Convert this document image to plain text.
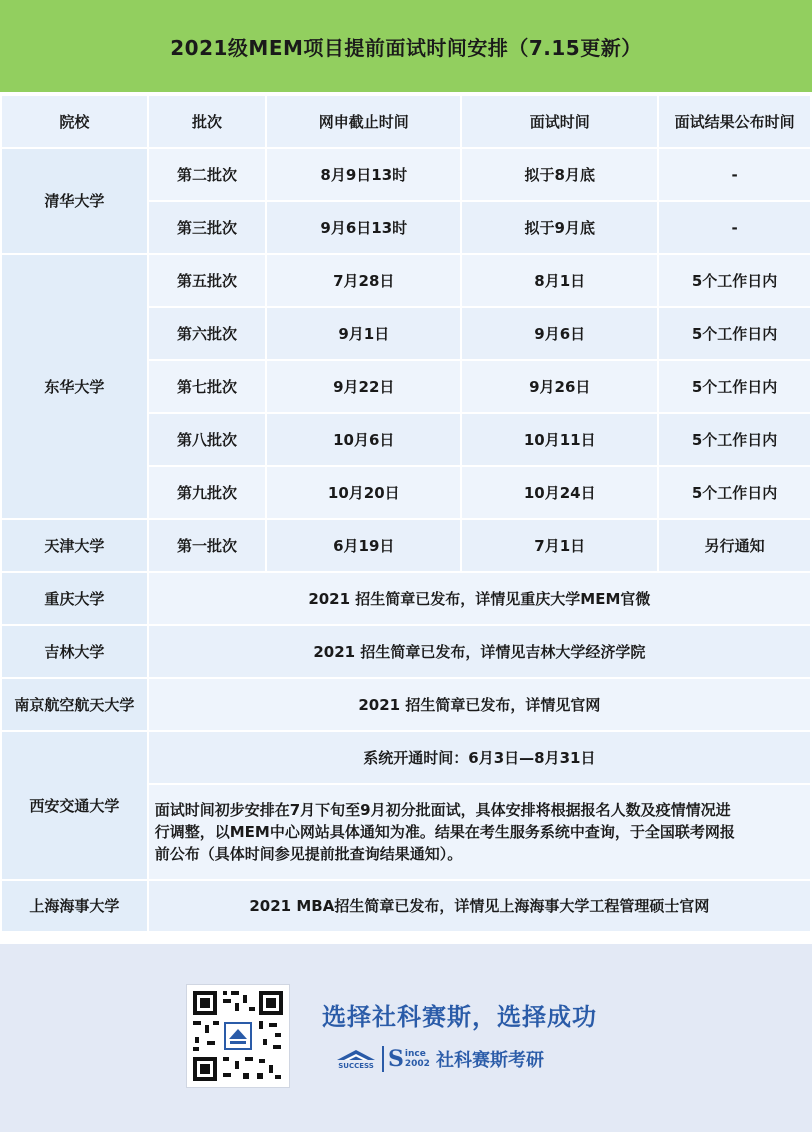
2021级MEM项目提前面试时间安排（7.15更新）
院校	批次	网申截止时间	面试时间	面试结果公布时间
清华大学	第二批次	8月9日13时	拟于8月底	-
	第三批次	9月6日13时	拟于9月底	-
东华大学	第五批次	7月28日	8月1日	5个工作日内
	第六批次	9月1日	9月6日	5个工作日内
	第七批次	9月22日	9月26日	5个工作日内
	第八批次	10月6日	10月11日	5个工作日内
	第九批次	10月20日	10月24日	5个工作日内
天津大学	第一批次	6月19日	7月1日	另行通知
重庆大学	2021 招生简章已发布，详情见重庆大学MEM官微			
吉林大学	2021 招生简章已发布，详情见吉林大学经济学院			
南京航空航天大学	2021 招生简章已发布，详情见官网			
西安交通大学	系统开通时间：6月3日—8月31日			

	面试时间初步安排在7月下旬至9月初分批面试，具体安排将根据报名人数及疫情情况进
行调整，以MEM中心网站具体通知为准。结果在考生服务系统中查询，于全国联考网报
前公布（具体时间参见提前批查询结果通知）。			

上海海事大学	2021 MBA招生简章已发布，详情见上海海事大学工程管理硕士官网			
选择社科赛斯，选择成功
SUCCESS S ince
2002 社科赛斯考研
